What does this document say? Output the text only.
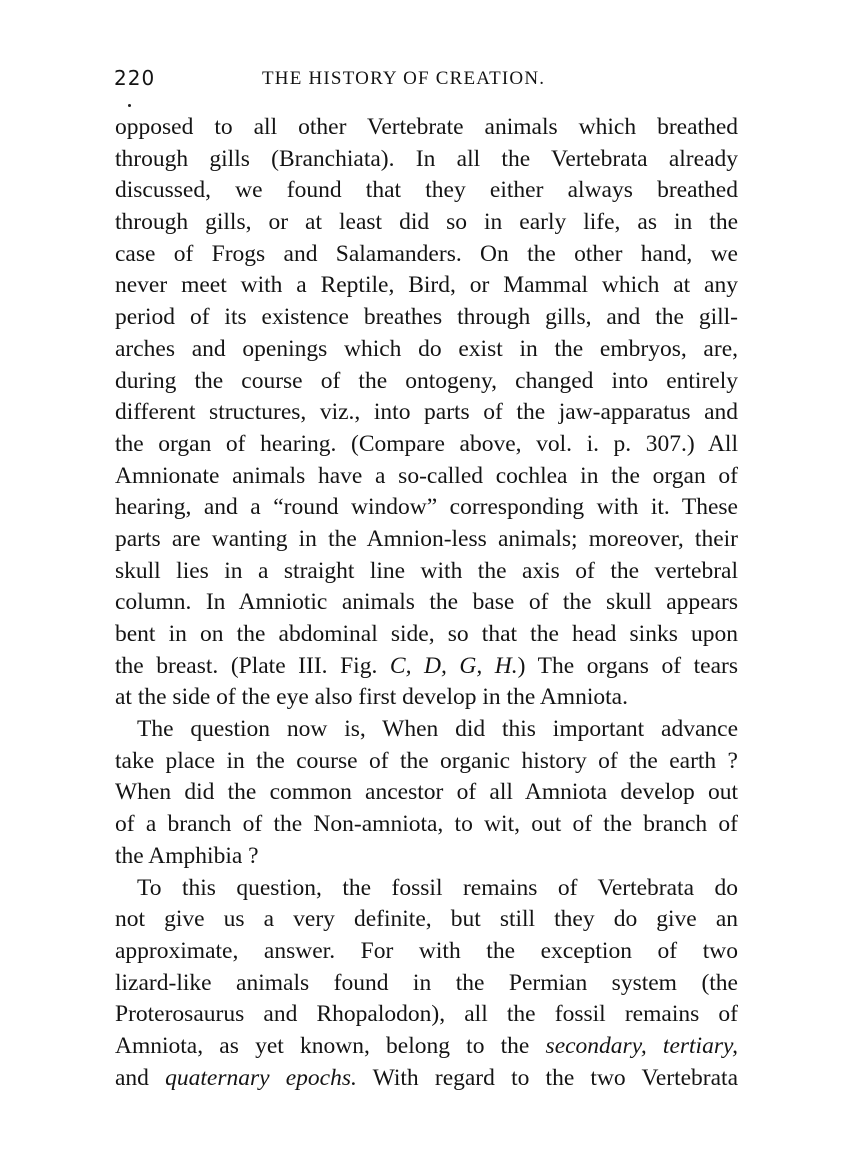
220	THE HISTORY OF CREATION.
opposed to all other Vertebrate animals which breathed
through gills (Branchiata). In all the Vertebrata already
discussed, we found that they either always breathed
through gills, or at least did so in early life, as in the
case of Frogs and Salamanders. On the other hand, we
never meet with a Reptile, Bird, or Mammal which at any
period of its existence breathes through gills, and the gill-
arches and openings which do exist in the embryos, are,
during the course of the ontogeny, changed into entirely
different structures, viz., into parts of the jaw-apparatus and
the organ of hearing. (Compare above, vol. i. p. 307.) All
Amnionate animals have a so-called cochlea in the organ of
hearing, and a “round window” corresponding with it. These
parts are wanting in the Amnion-less animals; moreover, their
skull lies in a straight line with the axis of the vertebral
column. In Amniotic animals the base of the skull appears
bent in on the abdominal side, so that the head sinks upon
the breast. (Plate III. Fig. C, D, G, H.) The organs of tears
at the side of the eye also first develop in the Amniota.
The question now is, When did this important advance
take place in the course of the organic history of the earth ?
When did the common ancestor of all Amniota develop out
of a branch of the Non-amniota, to wit, out of the branch of
the Amphibia ?
To this question, the fossil remains of Vertebrata do
not give us a very definite, but still they do give an
approximate, answer. For with the exception of two
lizard-like animals found in the Permian system (the
Proterosaurus and Rhopalodon), all the fossil remains of
Amniota, as yet known, belong to the secondary, tertiary,
and quaternary epochs. With regard to the two Vertebrata
